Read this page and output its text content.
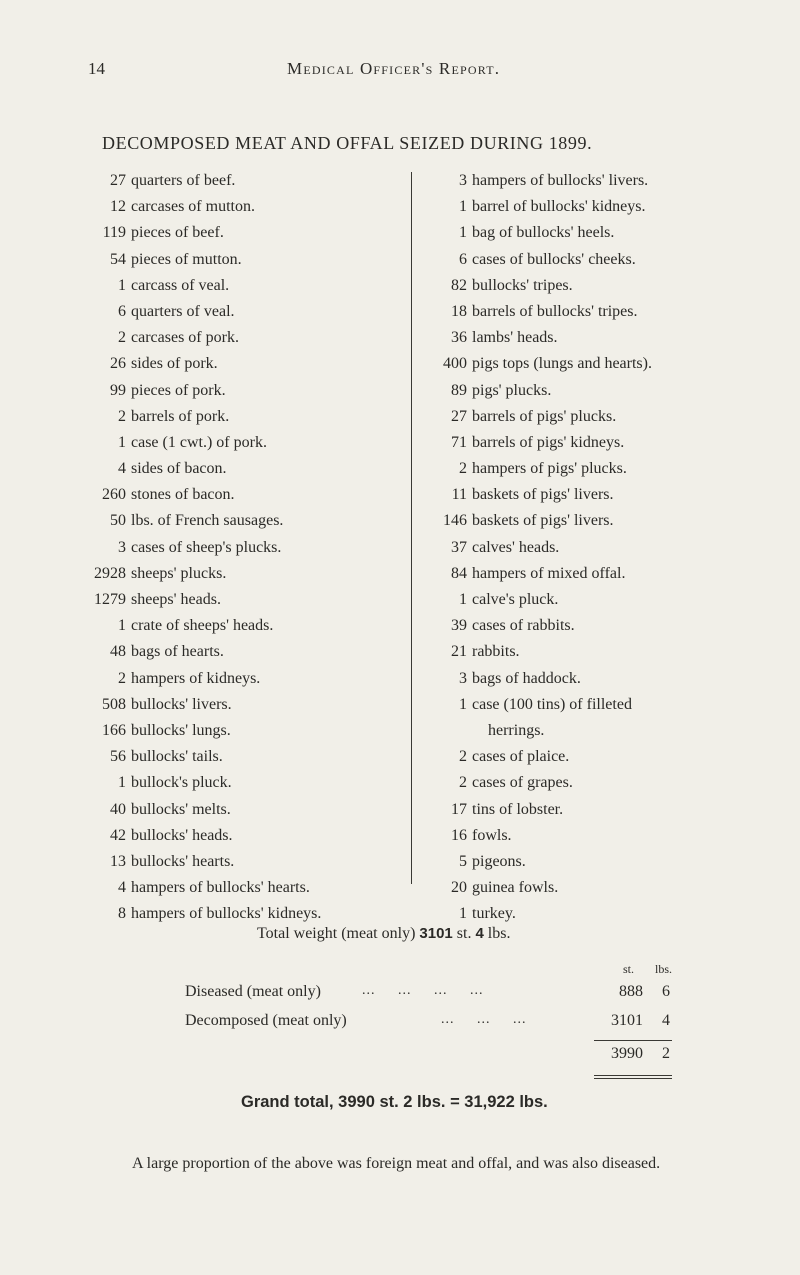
14	Medical Officer's Report.
DECOMPOSED MEAT AND OFFAL SEIZED DURING 1899.
27 quarters of beef.
12 carcases of mutton.
119 pieces of beef.
54 pieces of mutton.
1 carcass of veal.
6 quarters of veal.
2 carcases of pork.
26 sides of pork.
99 pieces of pork.
2 barrels of pork.
1 case (1 cwt.) of pork.
4 sides of bacon.
260 stones of bacon.
50 lbs. of French sausages.
3 cases of sheep's plucks.
2928 sheeps' plucks.
1279 sheeps' heads.
1 crate of sheeps' heads.
48 bags of hearts.
2 hampers of kidneys.
508 bullocks' livers.
166 bullocks' lungs.
56 bullocks' tails.
1 bullock's pluck.
40 bullocks' melts.
42 bullocks' heads.
13 bullocks' hearts.
4 hampers of bullocks' hearts.
8 hampers of bullocks' kidneys.
3 hampers of bullocks' livers.
1 barrel of bullocks' kidneys.
1 bag of bullocks' heels.
6 cases of bullocks' cheeks.
82 bullocks' tripes.
18 barrels of bullocks' tripes.
36 lambs' heads.
400 pigs tops (lungs and hearts).
89 pigs' plucks.
27 barrels of pigs' plucks.
71 barrels of pigs' kidneys.
2 hampers of pigs' plucks.
11 baskets of pigs' livers.
146 baskets of pigs' livers.
37 calves' heads.
84 hampers of mixed offal.
1 calve's pluck.
39 cases of rabbits.
21 rabbits.
3 bags of haddock.
1 case (100 tins) of filleted
herrings.
2 cases of plaice.
2 cases of grapes.
17 tins of lobster.
16 fowls.
5 pigeons.
20 guinea fowls.
1 turkey.
Total weight (meat only) 3101 st. 4 lbs.
st. lbs.
Diseased (meat only)	...     ...     ...     ...	888	6
Decomposed (meat only)	...     ...     ...	3101	4
3990	2
Grand total, 3990 st. 2 lbs. = 31,922 lbs.
A large proportion of the above was foreign meat and offal, and was also diseased.
